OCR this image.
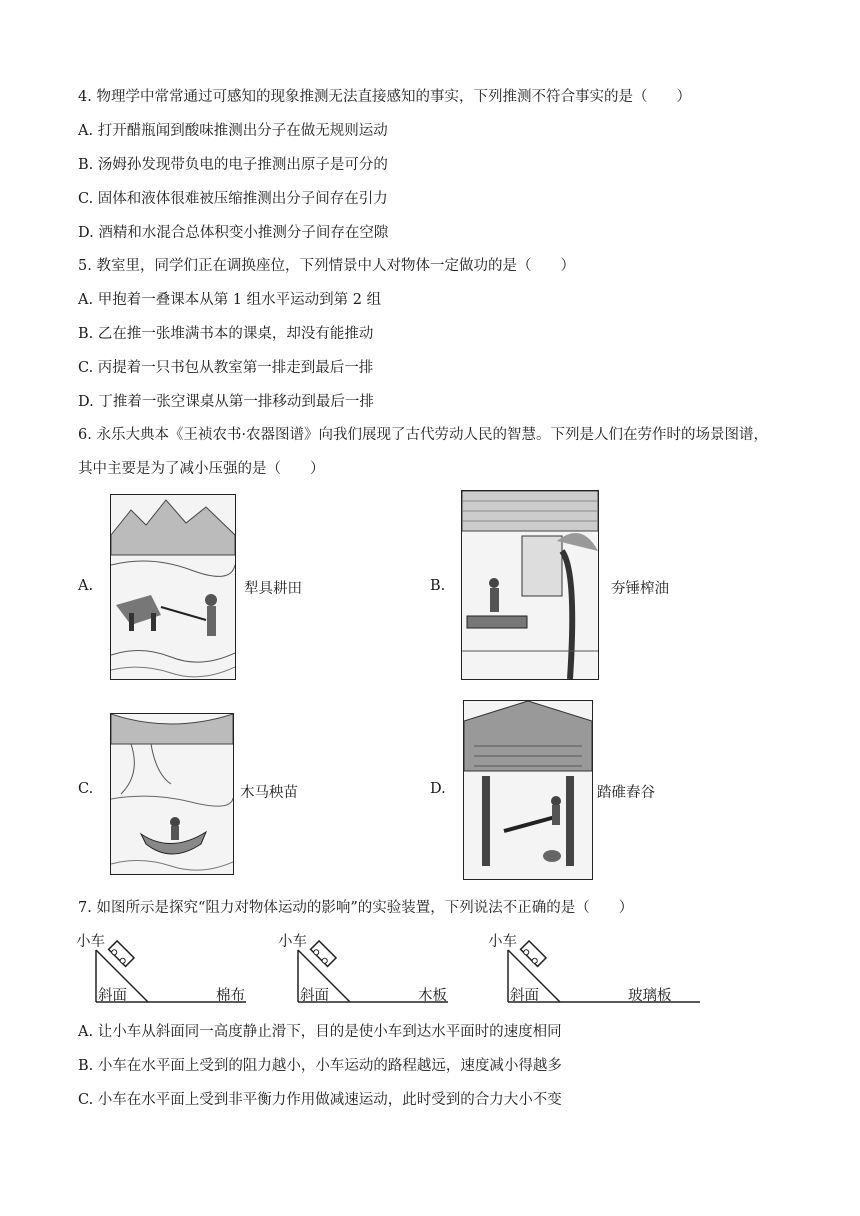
4. 物理学中常常通过可感知的现象推测无法直接感知的事实，下列推测不符合事实的是（　　）
A. 打开醋瓶闻到酸味推测出分子在做无规则运动
B. 汤姆孙发现带负电的电子推测出原子是可分的
C. 固体和液体很难被压缩推测出分子间存在引力
D. 酒精和水混合总体积变小推测分子间存在空隙
5. 教室里，同学们正在调换座位，下列情景中人对物体一定做功的是（　　）
A. 甲抱着一叠课本从第 1 组水平运动到第 2 组
B. 乙在推一张堆满书本的课桌，却没有能推动
C. 丙提着一只书包从教室第一排走到最后一排
D. 丁推着一张空课桌从第一排移动到最后一排
6. 永乐大典本《王祯农书·农器图谱》向我们展现了古代劳动人民的智慧。下列是人们在劳作时的场景图谱，
其中主要是为了减小压强的是（　　）
A.	犁具耕田	B.	夯锤榨油
C.	木马秧苗	D.	踏碓舂谷
7. 如图所示是探究“阻力对物体运动的影响”的实验装置，下列说法不正确的是（　　）
小车
斜面	棉布
小车
斜面	木板
小车
斜面	玻璃板
A. 让小车从斜面同一高度静止滑下，目的是使小车到达水平面时的速度相同
B. 小车在水平面上受到的阻力越小，小车运动的路程越远，速度减小得越多
C. 小车在水平面上受到非平衡力作用做减速运动，此时受到的合力大小不变
